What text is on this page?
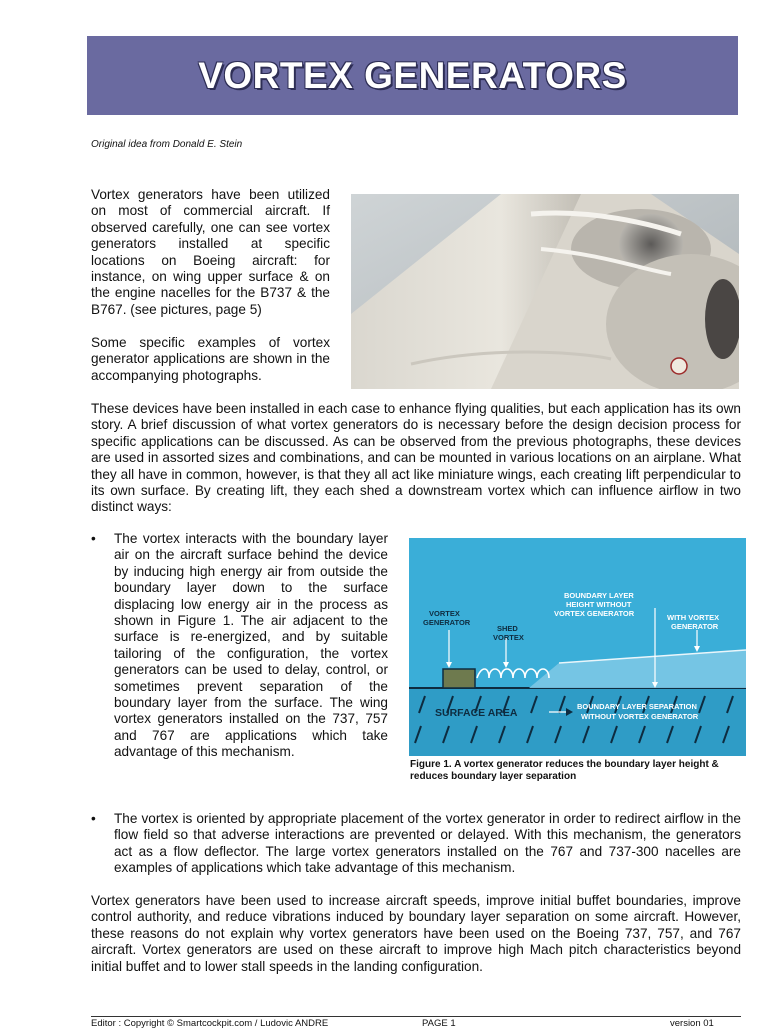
VORTEX GENERATORS
Original idea from Donald E. Stein

Vortex generators have been utilized on most of commercial aircraft. If observed carefully, one can see vortex generators installed at specific locations on Boeing aircraft: for instance, on wing upper surface & on the engine nacelles for the B737 & the B767. (see pictures, page 5)

Some specific examples of vortex generator applications are shown in the accompanying photographs.

These devices have been installed in each case to enhance flying qualities, but each application has its own story. A brief discussion of what vortex generators do is necessary before the design decision process for specific applications can be discussed. As can be observed from the previous photographs, these devices are used in assorted sizes and combinations, and can be mounted in various locations on an airplane. What they all have in common, however, is that they all act like miniature wings, each creating lift perpendicular to its own surface. By creating lift, they each shed a downstream vortex which can influence airflow in two distinct ways:

• The vortex interacts with the boundary layer air on the aircraft surface behind the device by inducing high energy air from outside the boundary layer down to the surface displacing low energy air in the process as shown in Figure 1. The air adjacent to the surface is re-energized, and by suitable tailoring of the configuration, the vortex generators can be used to delay, control, or sometimes prevent separation of the boundary layer from the surface. The wing vortex generators installed on the 737, 757 and 767 are applications which take advantage of this mechanism.
VORTEX
GENERATOR
SHED
VORTEX
BOUNDARY LAYER
HEIGHT WITHOUT
VORTEX GENERATOR	WITH VORTEX
GENERATOR
BOUNDARY LAYER SEPARATION
WITHOUT VORTEX GENERATOR
SURFACE AREA
Figure 1. A vortex generator reduces the boundary layer height & reduces boundary layer separation
• The vortex is oriented by appropriate placement of the vortex generator in order to redirect airflow in the flow field so that adverse interactions are prevented or delayed. With this mechanism, the generators act as a flow deflector. The large vortex generators installed on the 767 and 737-300 nacelles are examples of applications which take advantage of this mechanism.

Vortex generators have been used to increase aircraft speeds, improve initial buffet boundaries, improve control authority, and reduce vibrations induced by boundary layer separation on some aircraft. However, these reasons do not explain why vortex generators have been used on the Boeing 737, 757, and 767 aircraft. Vortex generators are used on these aircraft to improve high Mach pitch characteristics beyond initial buffet and to lower stall speeds in the landing configuration.

Editor : Copyright © Smartcockpit.com / Ludovic ANDRE	PAGE 1	version 01
